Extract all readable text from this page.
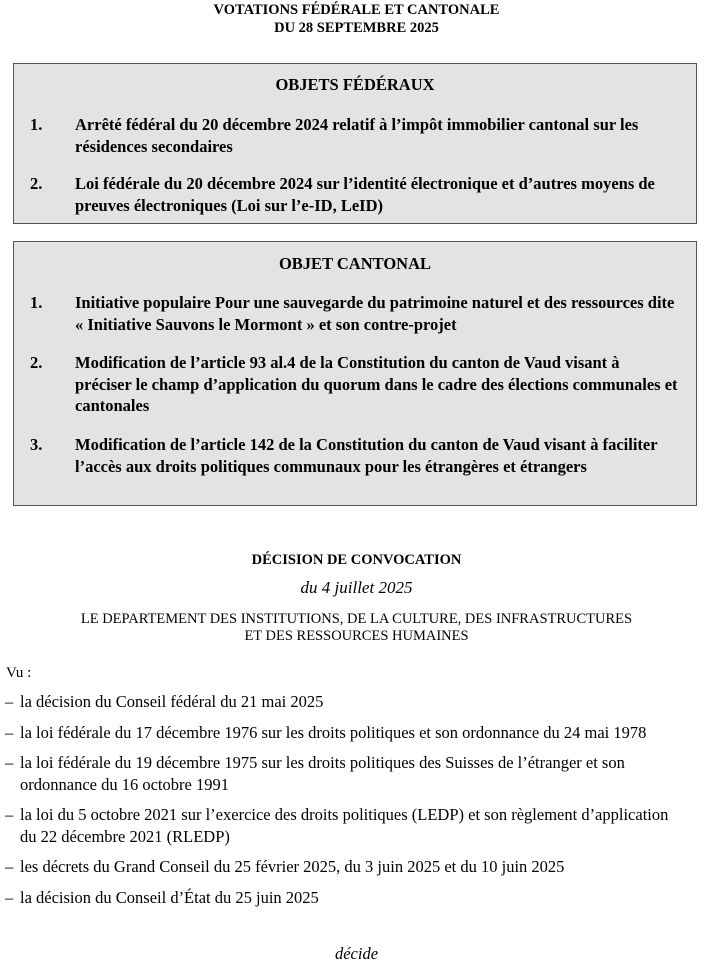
VOTATIONS FÉDÉRALE ET CANTONALE
DU 28 SEPTEMBRE 2025
OBJETS FÉDÉRAUX
1. Arrêté fédéral du 20 décembre 2024 relatif à l’impôt immobilier cantonal sur les résidences secondaires
2. Loi fédérale du 20 décembre 2024 sur l’identité électronique et d’autres moyens de preuves électroniques (Loi sur l’e-ID, LeID)
OBJET CANTONAL
1. Initiative populaire Pour une sauvegarde du patrimoine naturel et des ressources dite « Initiative Sauvons le Mormont » et son contre-projet
2. Modification de l’article 93 al.4 de la Constitution du canton de Vaud visant à préciser le champ d’application du quorum dans le cadre des élections communales et cantonales
3. Modification de l’article 142 de la Constitution du canton de Vaud visant à faciliter l’accès aux droits politiques communaux pour les étrangères et étrangers
DÉCISION DE CONVOCATION
du 4 juillet 2025
LE DEPARTEMENT DES INSTITUTIONS, DE LA CULTURE, DES INFRASTRUCTURES
ET DES RESSOURCES HUMAINES
Vu :
– la décision du Conseil fédéral du 21 mai 2025
– la loi fédérale du 17 décembre 1976 sur les droits politiques et son ordonnance du 24 mai 1978
– la loi fédérale du 19 décembre 1975 sur les droits politiques des Suisses de l’étranger et son ordonnance du 16 octobre 1991
– la loi du 5 octobre 2021 sur l’exercice des droits politiques (LEDP) et son règlement d’application du 22 décembre 2021 (RLEDP)
– les décrets du Grand Conseil du 25 février 2025, du 3 juin 2025 et du 10 juin 2025
– la décision du Conseil d’État du 25 juin 2025
décide
